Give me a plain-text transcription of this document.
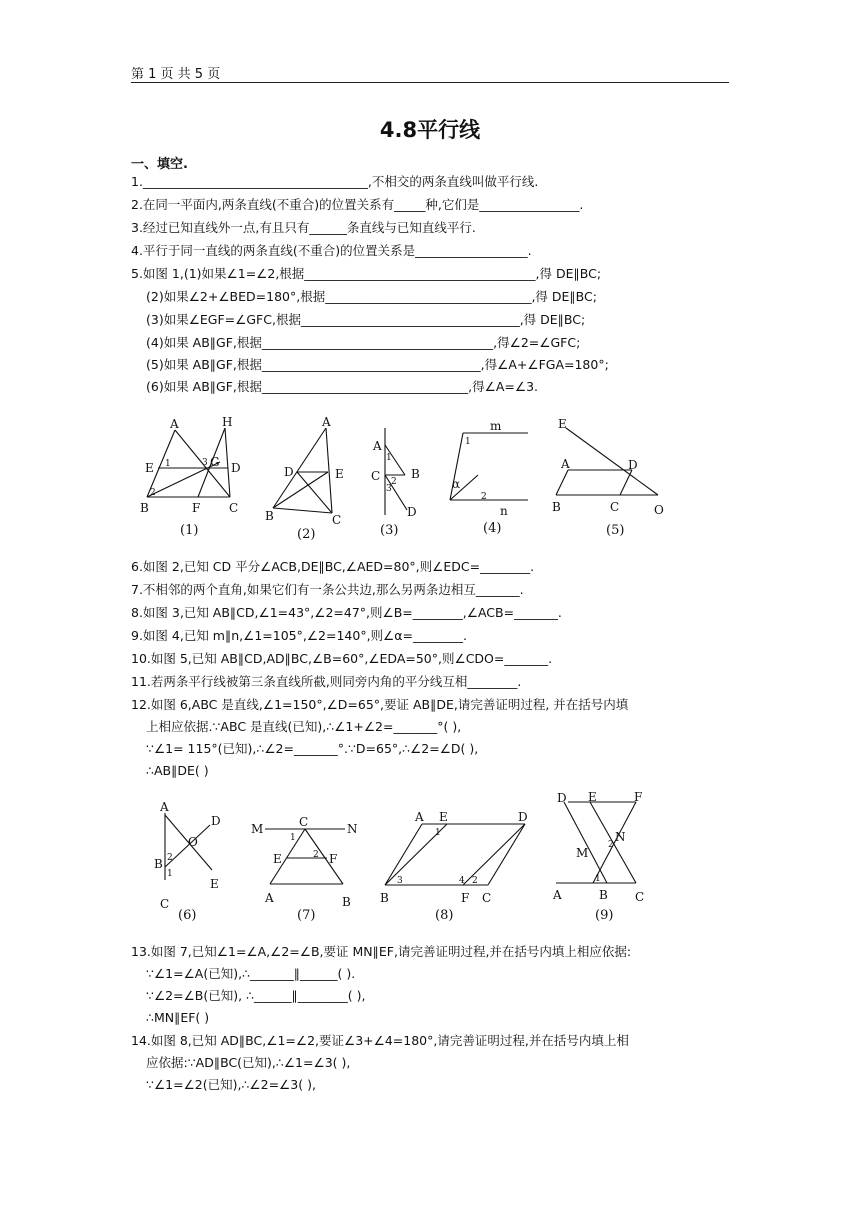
第 1 页 共 5 页
4.8平行线
一、填空.
1.____________________________________,不相交的两条直线叫做平行线.
2.在同一平面内,两条直线(不重合)的位置关系有_____种,它们是________________.
3.经过已知直线外一点,有且只有______条直线与已知直线平行.
4.平行于同一直线的两条直线(不重合)的位置关系是__________________.
5.如图 1,(1)如果∠1=∠2,根据_____________________________________,得 DE∥BC;
(2)如果∠2+∠BED=180°,根据_________________________________,得 DE∥BC;
(3)如果∠EGF=∠GFC,根据___________________________________,得 DE∥BC;
(4)如果 AB∥GF,根据_____________________________________,得∠2=∠GFC;
(5)如果 AB∥GF,根据___________________________________,得∠A+∠FGA=180°;
(6)如果 AB∥GF,根据_________________________________,得∠A=∠3.
6.如图 2,已知 CD 平分∠ACB,DE∥BC,∠AED=80°,则∠EDC=________.
7.不相邻的两个直角,如果它们有一条公共边,那么另两条边相互_______.
8.如图 3,已知 AB∥CD,∠1=43°,∠2=47°,则∠B=________,∠ACB=_______.
9.如图 4,已知 m∥n,∠1=105°,∠2=140°,则∠α=________.
10.如图 5,已知 AB∥CD,AD∥BC,∠B=60°,∠EDA=50°,则∠CDO=_______.
11.若两条平行线被第三条直线所截,则同旁内角的平分线互相________.
12.如图 6,ABC 是直线,∠1=150°,∠D=65°,要证 AB∥DE,请完善证明过程, 并在括号内填
上相应依据.∵ABC 是直线(已知),∴∠1+∠2=_______°( ),
∵∠1= 115°(已知),∴∠2=_______°.∵D=65°,∴∠2=∠D( ),
∴AB∥DE( )
13.如图 7,已知∠1=∠A,∠2=∠B,要证 MN∥EF,请完善证明过程,并在括号内填上相应依据:
∵∠1=∠A(已知),∴_______∥______( ).
∵∠2=∠B(已知), ∴______∥________( ),
∴MN∥EF( )
14.如图 8,已知 AD∥BC,∠1=∠2,要证∠3+∠4=180°,请完善证明过程,并在括号内填上相
应依据:∵AD∥BC(已知),∴∠1=∠3( ),
∵∠1=∠2(已知),∴∠2=∠3( ),
A	H
E 1	3 G D
2
B	F C
(1)
A
D	E
B	C
(2)
A
1
C	B
2
3
D
(3)
m
1
α
2
n
(4)
E
A	D
B	C	O
(5)
A
D
O
B 2
1
E
C
(6)
M	C	N
1
E	2 F
A	B
(7)
A E	D
1
3	4 2
B	F C
(8)
D E	F
N
M
2
1
A	B C
(9)
